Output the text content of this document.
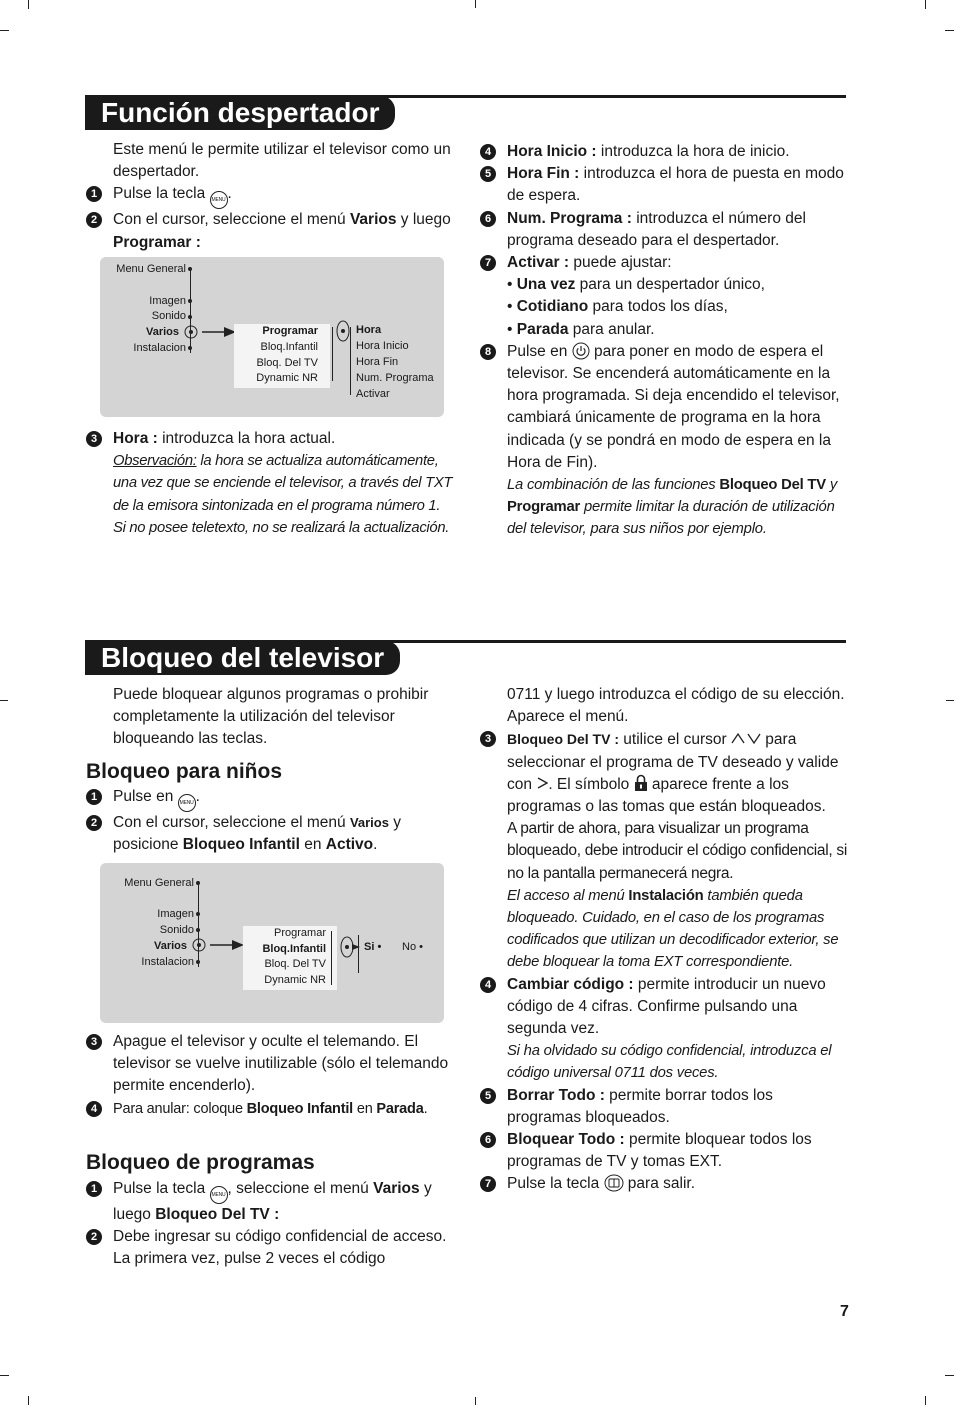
Función despertador

Este menú le permite utilizar el televisor como un despertador.

1	Pulse la tecla MENU .

2	Con el cursor, seleccione el menú Varios y luego Programar :

Menu General
Imagen
Sonido
Varios
Instalacion
Programar
Bloq.Infantil
Bloq. Del TV
Dynamic NR
Hora
Hora Inicio
Hora Fin
Num. Programa
Activar

3	Hora : introduzca la hora actual.

Observación: la hora se actualiza automáticamente, una vez que se enciende el televisor, a través del TXT de la emisora sintonizada en el programa número 1. Si no posee teletexto, no se realizará la actualización.

4	Hora Inicio : introduzca la hora de inicio.

5	Hora Fin : introduzca el hora de puesta en modo de espera.

6	Num. Programa : introduzca el número del programa deseado para el despertador.

7	Activar : puede ajustar:

• Una vez para un despertador único,

• Cotidiano para todos los días,

• Parada para anular.

8	Pulse en  para poner en modo de espera el televisor. Se encenderá automáticamente en la hora programada. Si deja encendido el televisor, cambiará únicamente de programa en la hora indicada (y se pondrá en modo de espera en la Hora de Fin).

La combinación de las funciones Bloqueo Del TV y Programar permite limitar la duración de utilización del televisor, para sus niños por ejemplo.

Bloqueo del televisor

Puede bloquear algunos programas o prohibir completamente la utilización del televisor bloqueando las teclas.

Bloqueo para niños

1	Pulse en MENU .

2	Con el cursor, seleccione el menú Varios y posicione Bloqueo Infantil en Activo.

Menu General
Imagen
Sonido
Varios
Instalacion
Programar
Bloq.Infantil
Bloq. Del TV
Dynamic NR
Si • No •

3	Apague el televisor y oculte el telemando. El televisor se vuelve inutilizable (sólo el telemando permite encenderlo).

4	Para anular: coloque Bloqueo Infantil en Parada.

Bloqueo de programas

1	Pulse la tecla MENU , seleccione el menú Varios y luego Bloqueo Del TV :

2	Debe ingresar su código confidencial de acceso. La primera vez, pulse 2 veces el código

0711 y luego introduzca el código de su elección. Aparece el menú.

3	Bloqueo Del TV : utilice el cursor  para seleccionar el programa de TV deseado y valide con . El símbolo  aparece frente a los programas o las tomas que están bloqueados.

A partir de ahora, para visualizar un programa bloqueado, debe introducir el código confidencial, si no la pantalla permanecerá negra.

El acceso al menú Instalación también queda bloqueado. Cuidado, en el caso de los programas codificados que utilizan un decodificador exterior, se debe bloquear la toma EXT correspondiente.

4	Cambiar código : permite introducir un nuevo código de 4 cifras. Confirme pulsando una segunda vez.

Si ha olvidado su código confidencial, introduzca el código universal 0711 dos veces.

5	Borrar Todo : permite borrar todos los programas bloqueados.

6	Bloquear Todo : permite bloquear todos los programas de TV y tomas EXT.

7	Pulse la tecla  para salir.

7
